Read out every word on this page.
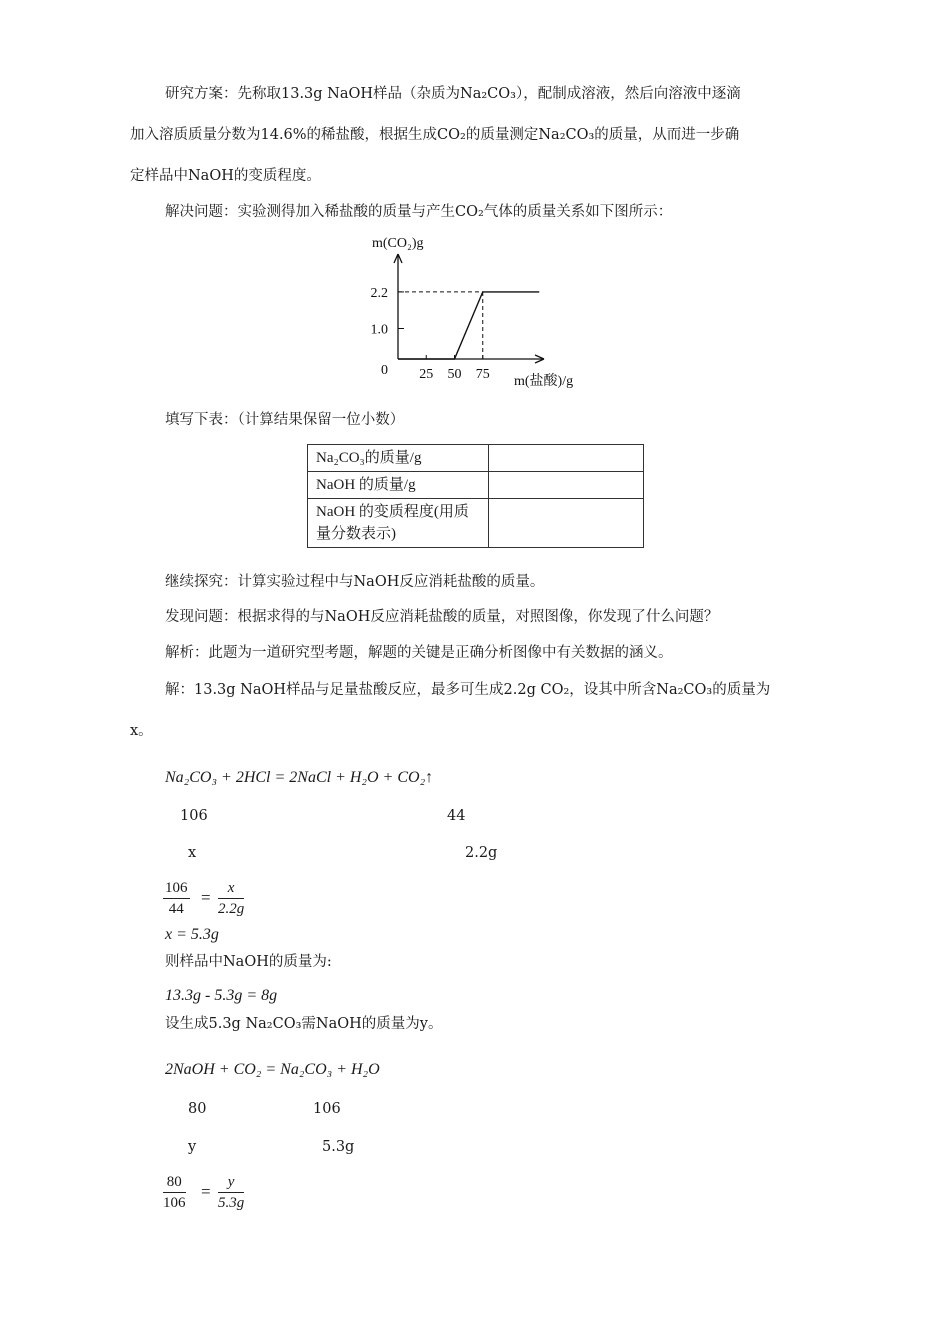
研究方案：先称取13.3g NaOH样品（杂质为Na₂CO₃），配制成溶液，然后向溶液中逐滴
加入溶质质量分数为14.6%的稀盐酸，根据生成CO₂的质量测定Na₂CO₃的质量，从而进一步确
定样品中NaOH的变质程度。
解决问题：实验测得加入稀盐酸的质量与产生CO₂气体的质量关系如下图所示：
25 50 75
1.0
2.2
0
m(CO₂)g
m(盐酸)/g
填写下表：（计算结果保留一位小数）
Na₂CO₃的质量/g	
NaOH 的质量/g	
NaOH 的变质程度(用质量分数表示)	
继续探究：计算实验过程中与NaOH反应消耗盐酸的质量。
发现问题：根据求得的与NaOH反应消耗盐酸的质量，对照图像，你发现了什么问题？
解析：此题为一道研究型考题，解题的关键是正确分析图像中有关数据的涵义。
解：13.3g NaOH样品与足量盐酸反应，最多可生成2.2g CO₂，设其中所含Na₂CO₃的质量为
x。
Na₂CO₃ + 2HCl = 2NaCl + H₂O + CO₂↑
106	44
x	2.2g
$\frac{106}{44} = \frac{x}{2.2g}$
x = 5.3g
则样品中NaOH的质量为:
13.3g - 5.3g = 8g
设生成5.3g Na₂CO₃需NaOH的质量为y。
2NaOH + CO₂ = Na₂CO₃ + H₂O
80	106
y	5.3g
$\frac{80}{106} = \frac{y}{5.3g}$
